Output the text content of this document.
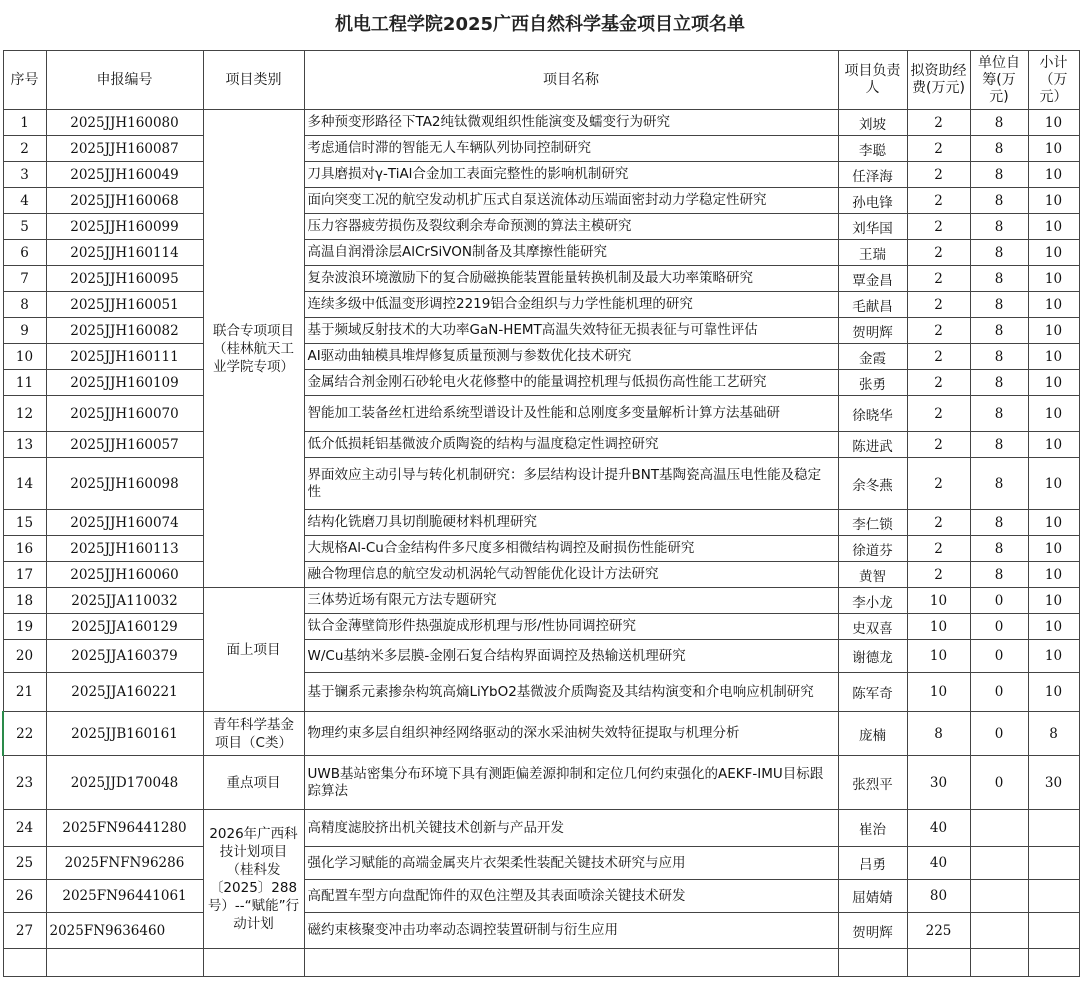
机电工程学院2025广西自然科学基金项目立项名单
序号	申报编号	项目类别	项目名称	项目负责人	拟资助经费(万元)	单位自筹(万元)	小计（万元）
1	2025JJH160080	联合专项项目（桂林航天工业学院专项）	多种预变形路径下TA2纯钛微观组织性能演变及蠕变行为研究	刘坡	2	8	10
2	2025JJH160087		考虑通信时滞的智能无人车辆队列协同控制研究	李聪	2	8	10
3	2025JJH160049		刀具磨损对γ-TiAl合金加工表面完整性的影响机制研究	任泽海	2	8	10
4	2025JJH160068		面向突变工况的航空发动机扩压式自泵送流体动压端面密封动力学稳定性研究	孙电锋	2	8	10
5	2025JJH160099		压力容器疲劳损伤及裂纹剩余寿命预测的算法主模研究	刘华国	2	8	10
6	2025JJH160114		高温自润滑涂层AlCrSiVON制备及其摩擦性能研究	王瑞	2	8	10
7	2025JJH160095		复杂波浪环境激励下的复合励磁换能装置能量转换机制及最大功率策略研究	覃金昌	2	8	10
8	2025JJH160051		连续多级中低温变形调控2219铝合金组织与力学性能机理的研究	毛献昌	2	8	10
9	2025JJH160082		基于频域反射技术的大功率GaN-HEMT高温失效特征无损表征与可靠性评估	贺明辉	2	8	10
10	2025JJH160111		AI驱动曲轴模具堆焊修复质量预测与参数优化技术研究	金霞	2	8	10
11	2025JJH160109		金属结合剂金刚石砂轮电火花修整中的能量调控机理与低损伤高性能工艺研究	张勇	2	8	10
12	2025JJH160070		智能加工装备丝杠进给系统型谱设计及性能和总刚度多变量解析计算方法基础研	徐晓华	2	8	10
13	2025JJH160057		低介低损耗铝基微波介质陶瓷的结构与温度稳定性调控研究	陈进武	2	8	10
14	2025JJH160098		界面效应主动引导与转化机制研究：多层结构设计提升BNT基陶瓷高温压电性能及稳定性	余冬燕	2	8	10
15	2025JJH160074		结构化铣磨刀具切削脆硬材料机理研究	李仁锁	2	8	10
16	2025JJH160113		大规格Al-Cu合金结构件多尺度多相微结构调控及耐损伤性能研究	徐道芬	2	8	10
17	2025JJH160060		融合物理信息的航空发动机涡轮气动智能优化设计方法研究	黄智	2	8	10
18	2025JJA110032	面上项目	三体势近场有限元方法专题研究	李小龙	10	0	10
19	2025JJA160129		钛合金薄壁筒形件热强旋成形机理与形/性协同调控研究	史双喜	10	0	10
20	2025JJA160379		W/Cu基纳米多层膜-金刚石复合结构界面调控及热输送机理研究	谢德龙	10	0	10
21	2025JJA160221		基于镧系元素掺杂构筑高熵LiYbO2基微波介质陶瓷及其结构演变和介电响应机制研究	陈军奇	10	0	10
22	2025JJB160161	青年科学基金项目（C类）	物理约束多层自组织神经网络驱动的深水采油树失效特征提取与机理分析	庞楠	8	0	8
23	2025JJD170048	重点项目	UWB基站密集分布环境下具有测距偏差源抑制和定位几何约束强化的AEKF-IMU目标跟踪算法	张烈平	30	0	30
24	2025FN96441280	2026年广西科技计划项目（桂科发〔2025〕288号）--“赋能”行动计划	高精度滤胶挤出机关键技术创新与产品开发	崔治	40		
25	2025FNFN96286		强化学习赋能的高端金属夹片衣架柔性装配关键技术研究与应用	吕勇	40		
26	2025FN96441061		高配置车型方向盘配饰件的双色注塑及其表面喷涂关键技术研发	屈婧婧	80		
27	2025FN9636460		磁约束核聚变冲击功率动态调控装置研制与衍生应用	贺明辉	225		
